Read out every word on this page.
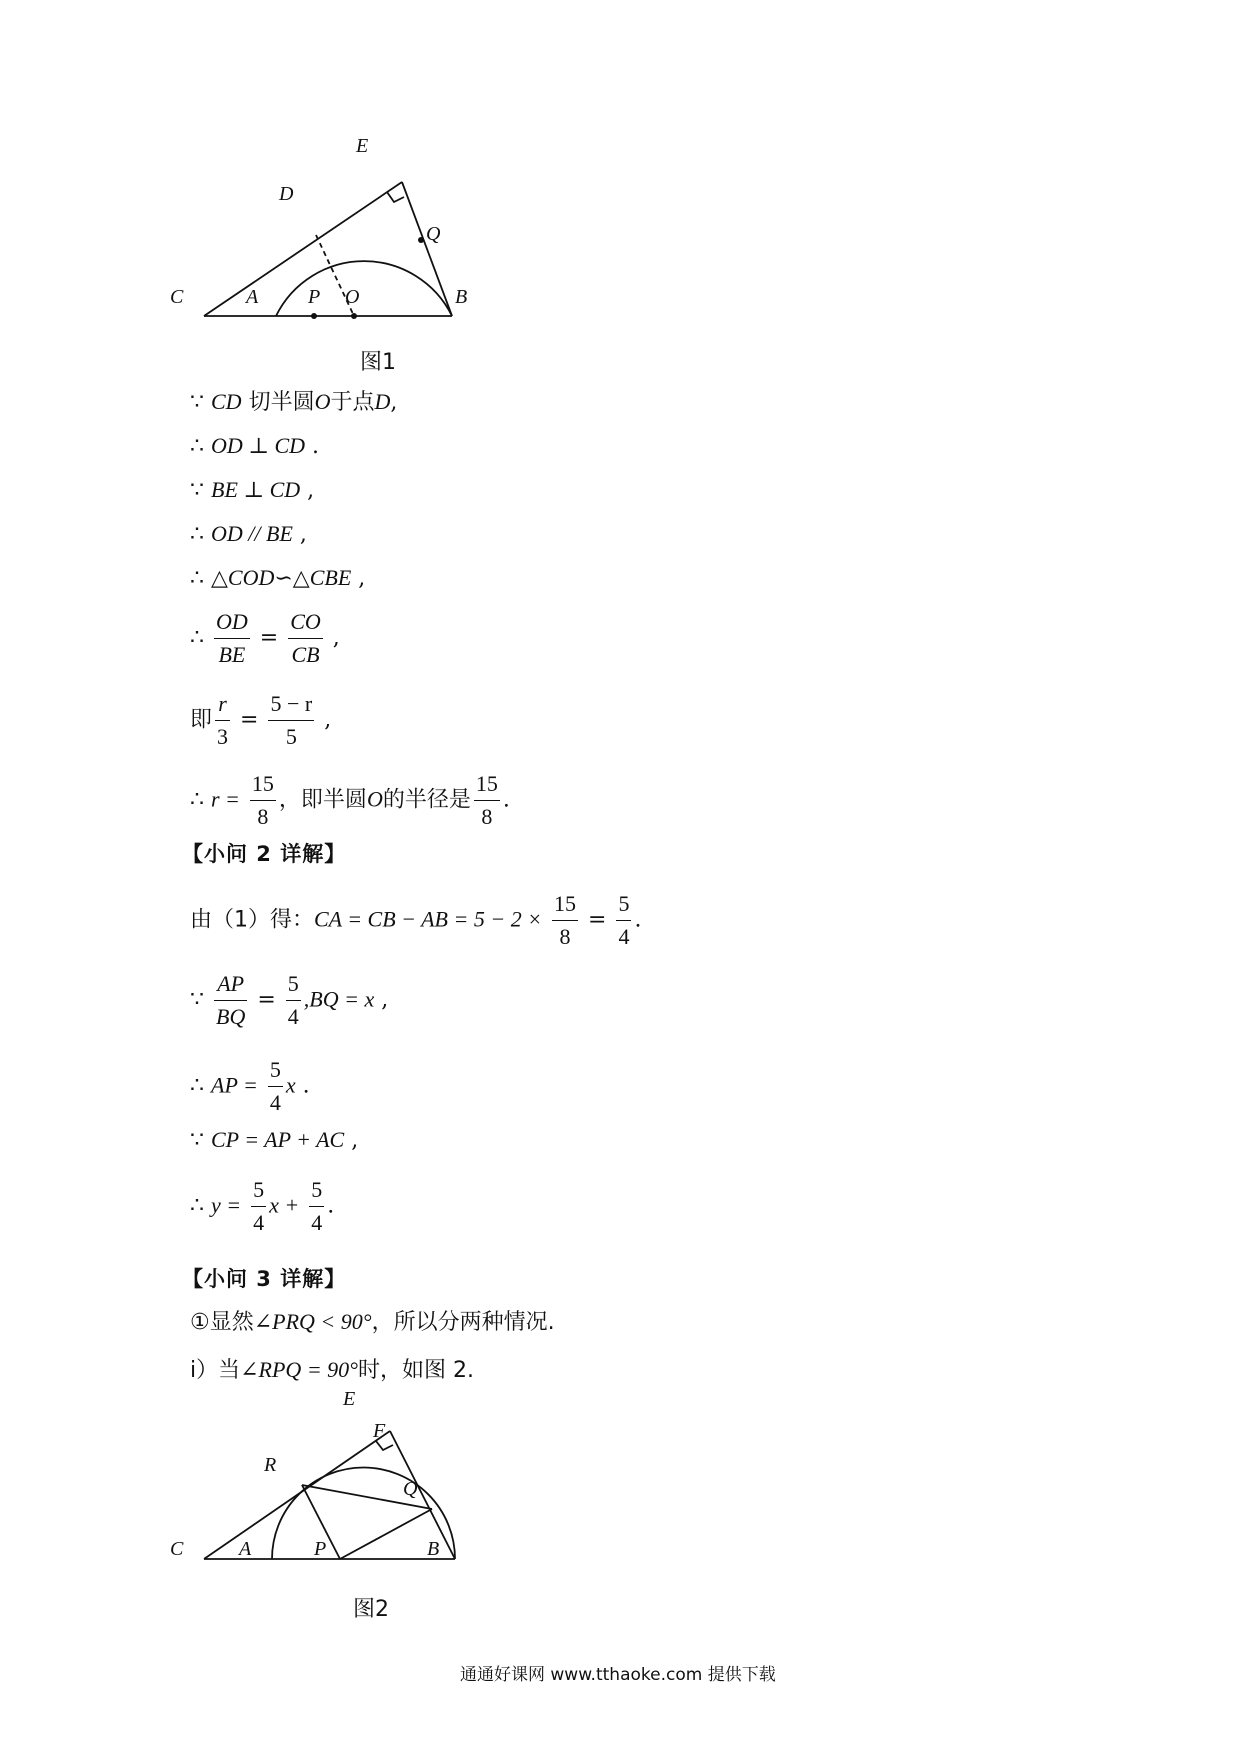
E
D
Q
C	A P O	B
图1
∵ CD 切半圆O于点D,
∴ OD ⊥ CD .
∵ BE ⊥ CD ,
∴ OD // BE ,
∴ △COD∽△CBE ,
∴ $\frac{OD}{BE} = \frac{CO}{CB}$ ,
即 $\frac{r}{3} = \frac{5 - r}{5}$ ,
∴ $r = \frac{15}{8}$ ，即半圆O的半径是 $\frac{15}{8}$ .
【小问 2 详解】
由（1）得：CA = CB − AB = $5 - 2 \times \frac{15}{8} = \frac{5}{4}$ .
∵ $\frac{AP}{BQ} = \frac{5}{4} ,BQ = x$ ,
∴ AP = $\frac{5}{4}$ x .
∵ CP = AP + AC ,
∴ $y = \frac{5}{4}$ $x + \frac{5}{4}$ .
【小问 3 详解】
①显然∠PRQ < 90°，所以分两种情况.
i）当∠RPQ = 90°时，如图 2.
E
F
R
Q
C	A	P	B
图2
通通好课网 www.tthaoke.com 提供下载
